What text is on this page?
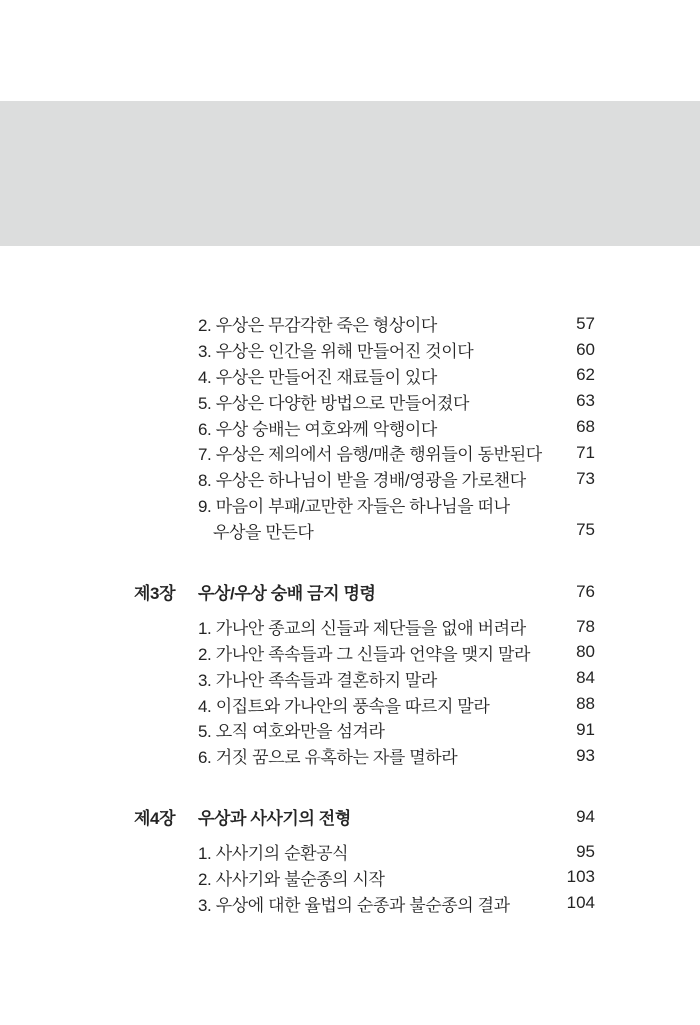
2. 우상은 무감각한 죽은 형상이다	57
3. 우상은 인간을 위해 만들어진 것이다	60
4. 우상은 만들어진 재료들이 있다	62
5. 우상은 다양한 방법으로 만들어졌다	63
6. 우상 숭배는 여호와께 악행이다	68
7. 우상은 제의에서 음행/매춘 행위들이 동반된다 71
8. 우상은 하나님이 받을 경배/영광을 가로챈다	73
9. 마음이 부패/교만한 자들은 하나님을 떠나
우상을 만든다	75
제3장 우상/우상 숭배 금지 명령	76
1. 가나안 종교의 신들과 제단들을 없애 버려라	78
2. 가나안 족속들과 그 신들과 언약을 맺지 말라	80
3. 가나안 족속들과 결혼하지 말라	84
4. 이집트와 가나안의 풍속을 따르지 말라	88
5. 오직 여호와만을 섬겨라	91
6. 거짓 꿈으로 유혹하는 자를 멸하라	93
제4장 우상과 사사기의 전형	94
1. 사사기의 순환공식	95
2. 사사기와 불순종의 시작	103
3. 우상에 대한 율법의 순종과 불순종의 결과	104
